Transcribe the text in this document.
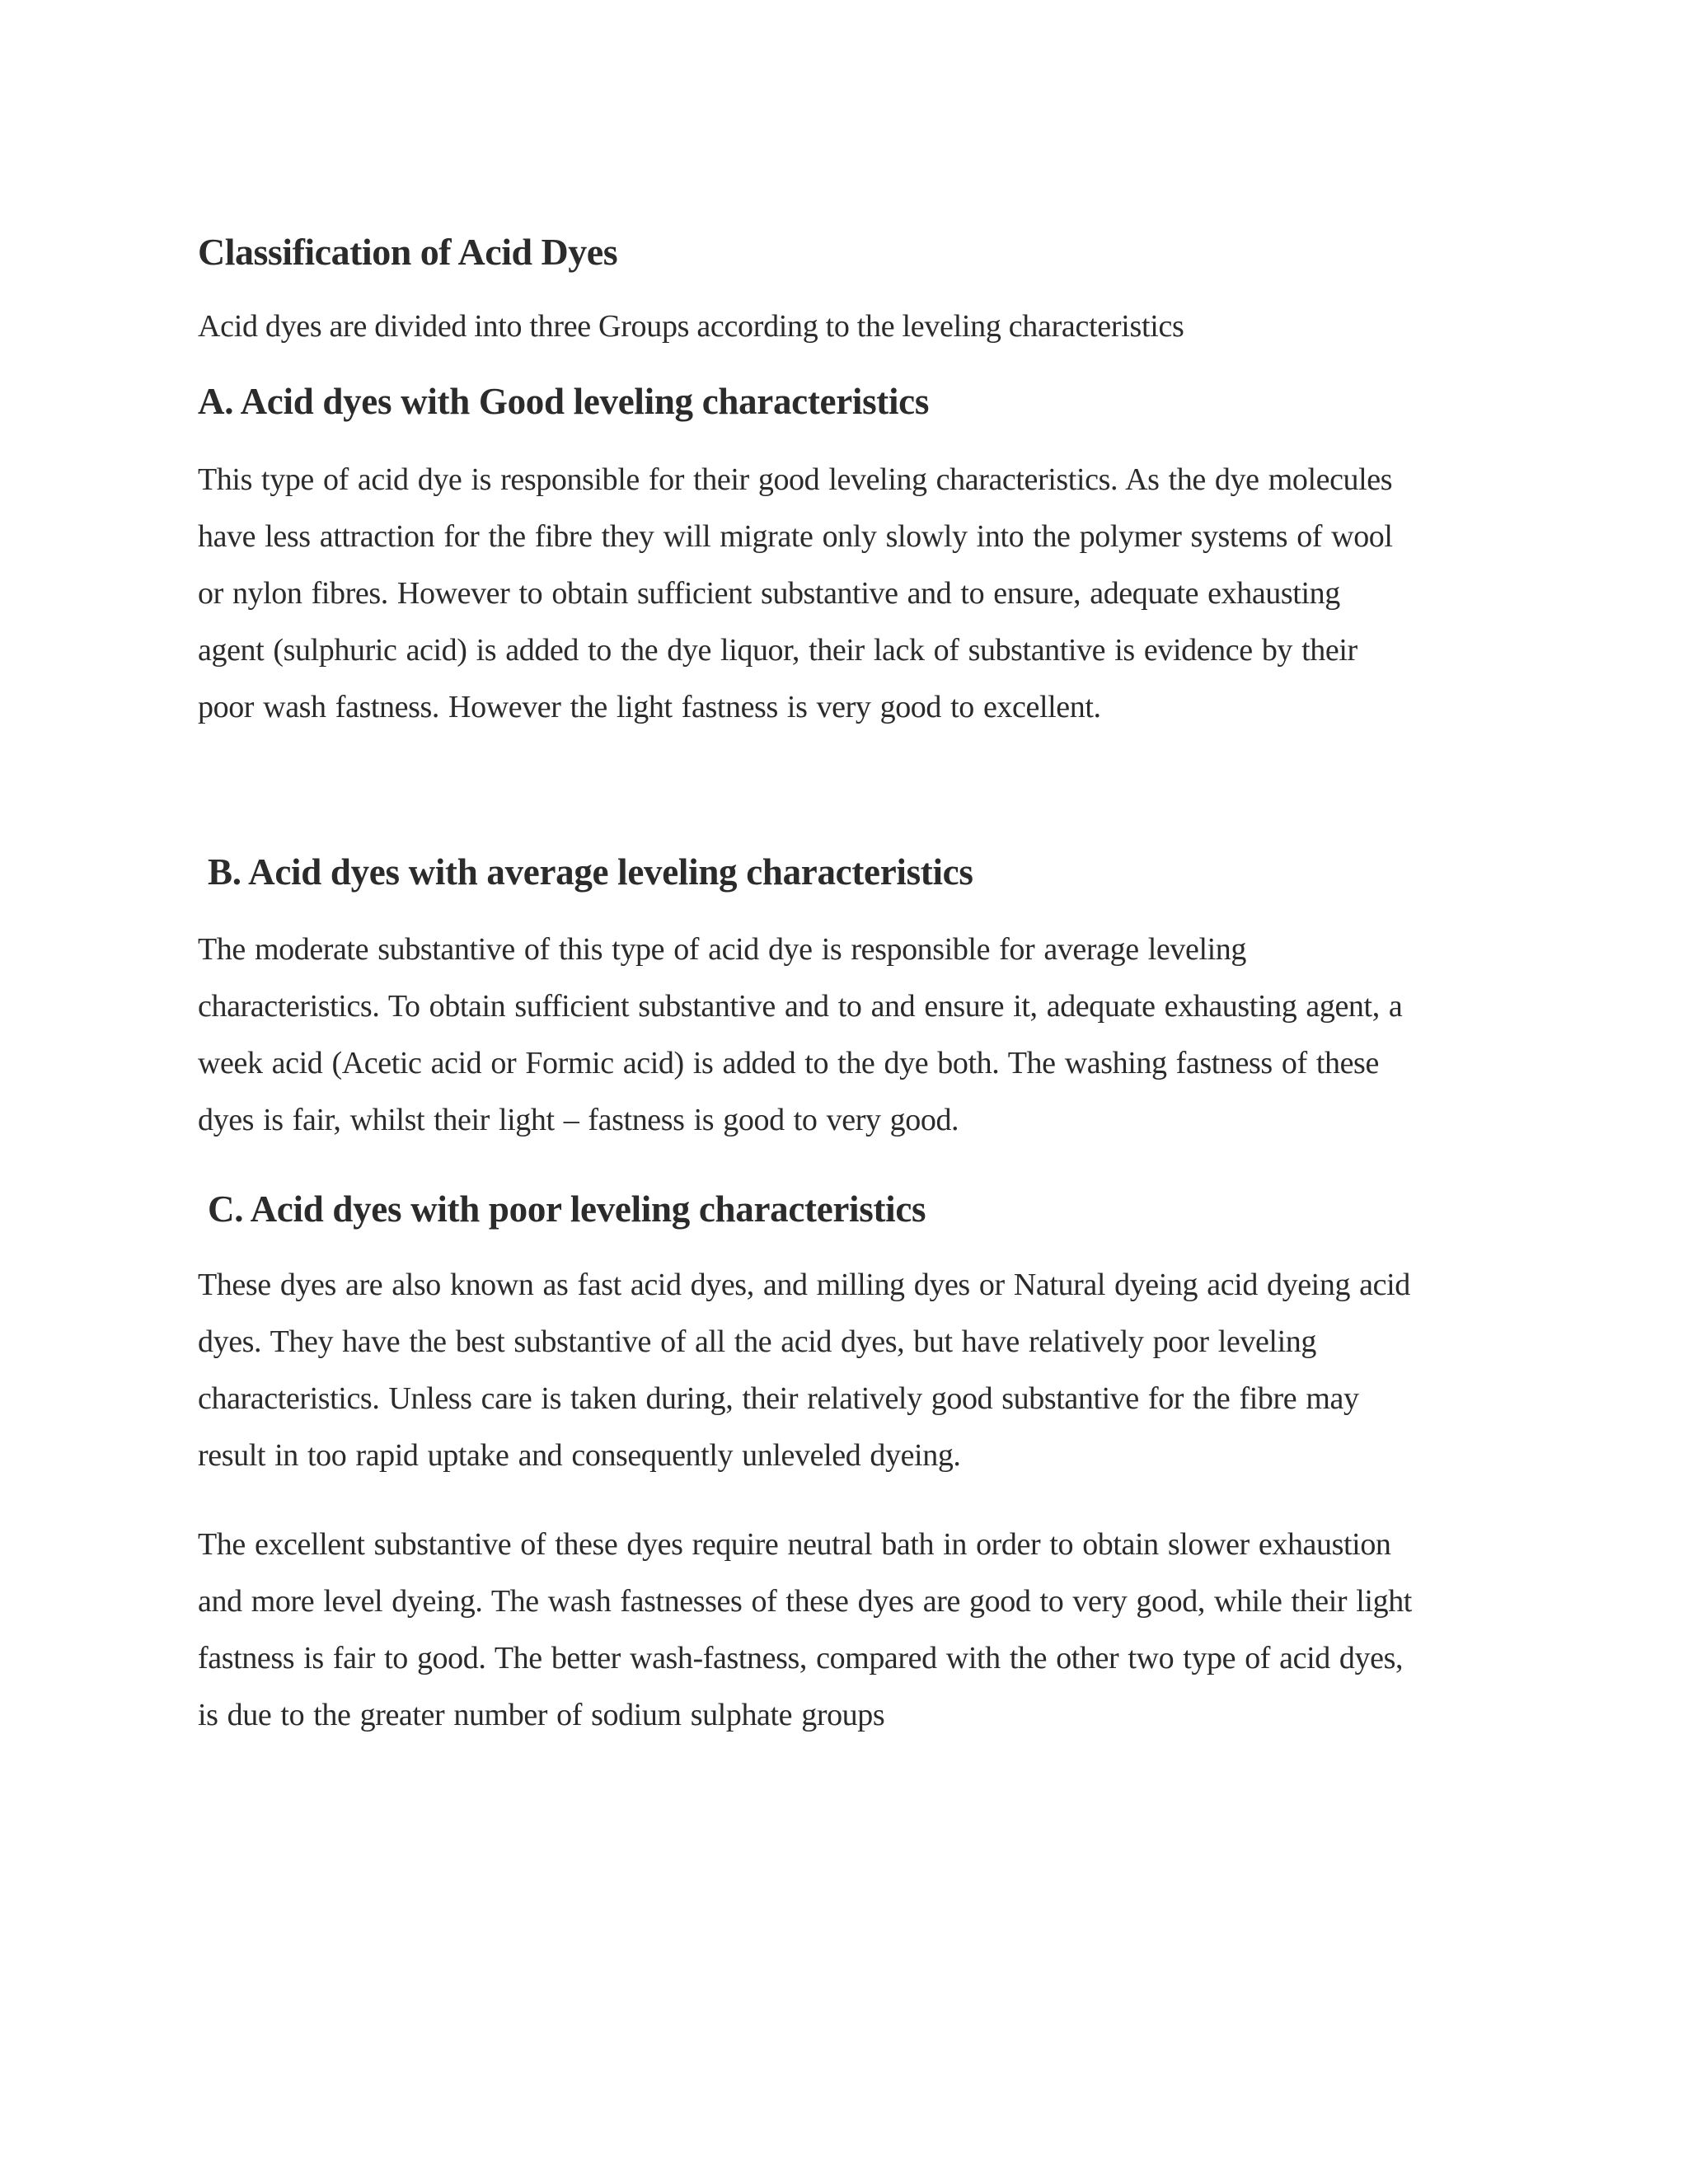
Classification of Acid Dyes

Acid dyes are divided into three Groups according to the leveling characteristics

A. Acid dyes with Good leveling characteristics

This type of acid dye is responsible for their good leveling characteristics. As the dye molecules
have less attraction for the fibre they will migrate only slowly into the polymer systems of wool
or nylon fibres. However to obtain sufficient substantive and to ensure, adequate exhausting
agent (sulphuric acid) is added to the dye liquor, their lack of substantive is evidence by their
poor wash fastness. However the light fastness is very good to excellent.

B. Acid dyes with average leveling characteristics

The moderate substantive of this type of acid dye is responsible for average leveling
characteristics. To obtain sufficient substantive and to and ensure it, adequate exhausting agent, a
week acid (Acetic acid or Formic acid) is added to the dye both. The washing fastness of these
dyes is fair, whilst their light – fastness is good to very good.

C. Acid dyes with poor leveling characteristics

These dyes are also known as fast acid dyes, and milling dyes or Natural dyeing acid dyeing acid
dyes. They have the best substantive of all the acid dyes, but have relatively poor leveling
characteristics. Unless care is taken during, their relatively good substantive for the fibre may
result in too rapid uptake and consequently unleveled dyeing.

The excellent substantive of these dyes require neutral bath in order to obtain slower exhaustion
and more level dyeing. The wash fastnesses of these dyes are good to very good, while their light
fastness is fair to good. The better wash-fastness, compared with the other two type of acid dyes,
is due to the greater number of sodium sulphate groups
